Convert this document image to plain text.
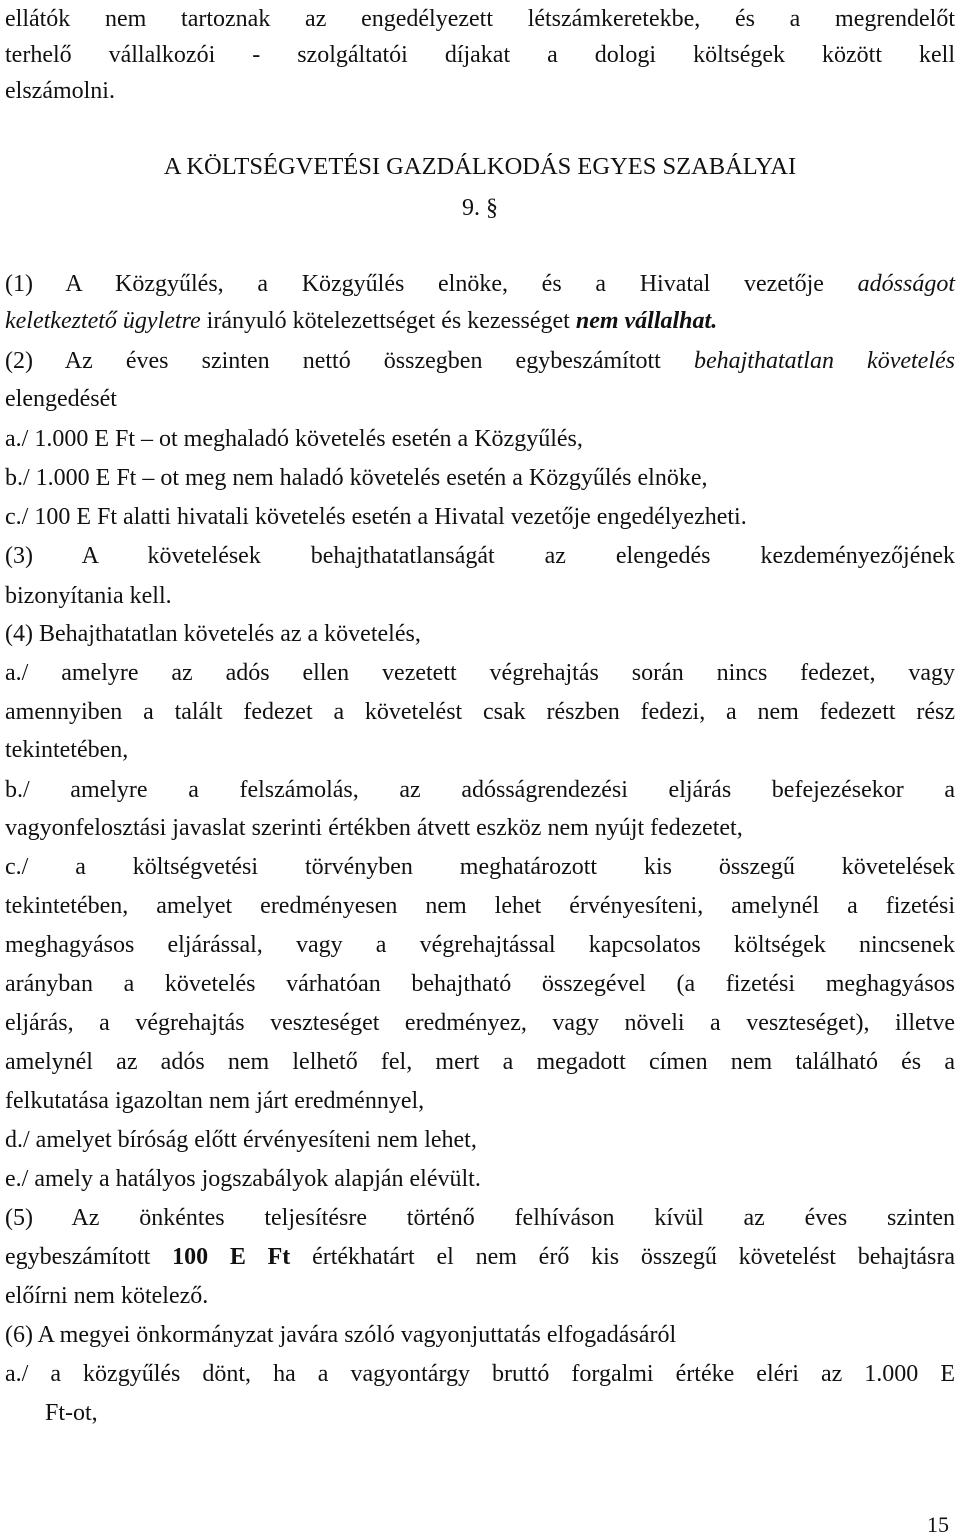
ellátók nem tartoznak az engedélyezett létszámkeretekbe, és a megrendelőt

terhelő vállalkozói - szolgáltatói díjakat a dologi költségek között kell

elszámolni.

A KÖLTSÉGVETÉSI GAZDÁLKODÁS EGYES SZABÁLYAI

9. §

(1) A Közgyűlés, a Közgyűlés elnöke, és a Hivatal vezetője adósságot

keletkeztető ügyletre irányuló kötelezettséget és kezességet nem vállalhat.

(2) Az éves szinten nettó összegben egybeszámított behajthatatlan követelés

elengedését

a./ 1.000 E Ft – ot meghaladó követelés esetén a Közgyűlés,

b./ 1.000 E Ft – ot meg nem haladó követelés esetén a Közgyűlés elnöke,

c./ 100 E Ft alatti hivatali követelés esetén a Hivatal vezetője engedélyezheti.

(3) A követelések behajthatatlanságát az elengedés kezdeményezőjének

bizonyítania kell.

(4) Behajthatatlan követelés az a követelés,

a./ amelyre az adós ellen vezetett végrehajtás során nincs fedezet, vagy

amennyiben a talált fedezet a követelést csak részben fedezi, a nem fedezett rész

tekintetében,

b./ amelyre a felszámolás, az adósságrendezési eljárás befejezésekor a

vagyonfelosztási javaslat szerinti értékben átvett eszköz nem nyújt fedezetet,

c./ a költségvetési törvényben meghatározott kis összegű követelések

tekintetében, amelyet eredményesen nem lehet érvényesíteni, amelynél a fizetési

meghagyásos eljárással, vagy a végrehajtással kapcsolatos költségek nincsenek

arányban a követelés várhatóan behajtható összegével (a fizetési meghagyásos

eljárás, a végrehajtás veszteséget eredményez, vagy növeli a veszteséget), illetve

amelynél az adós nem lelhető fel, mert a megadott címen nem található és a

felkutatása igazoltan nem járt eredménnyel,

d./ amelyet bíróság előtt érvényesíteni nem lehet,

e./ amely a hatályos jogszabályok alapján elévült.

(5) Az önkéntes teljesítésre történő felhíváson kívül az éves szinten

egybeszámított 100 E Ft értékhatárt el nem érő kis összegű követelést behajtásra

előírni nem kötelező.

(6) A megyei önkormányzat javára szóló vagyonjuttatás elfogadásáról

a./ a közgyűlés dönt, ha a vagyontárgy bruttó forgalmi értéke eléri az 1.000 E

Ft-ot,

15
